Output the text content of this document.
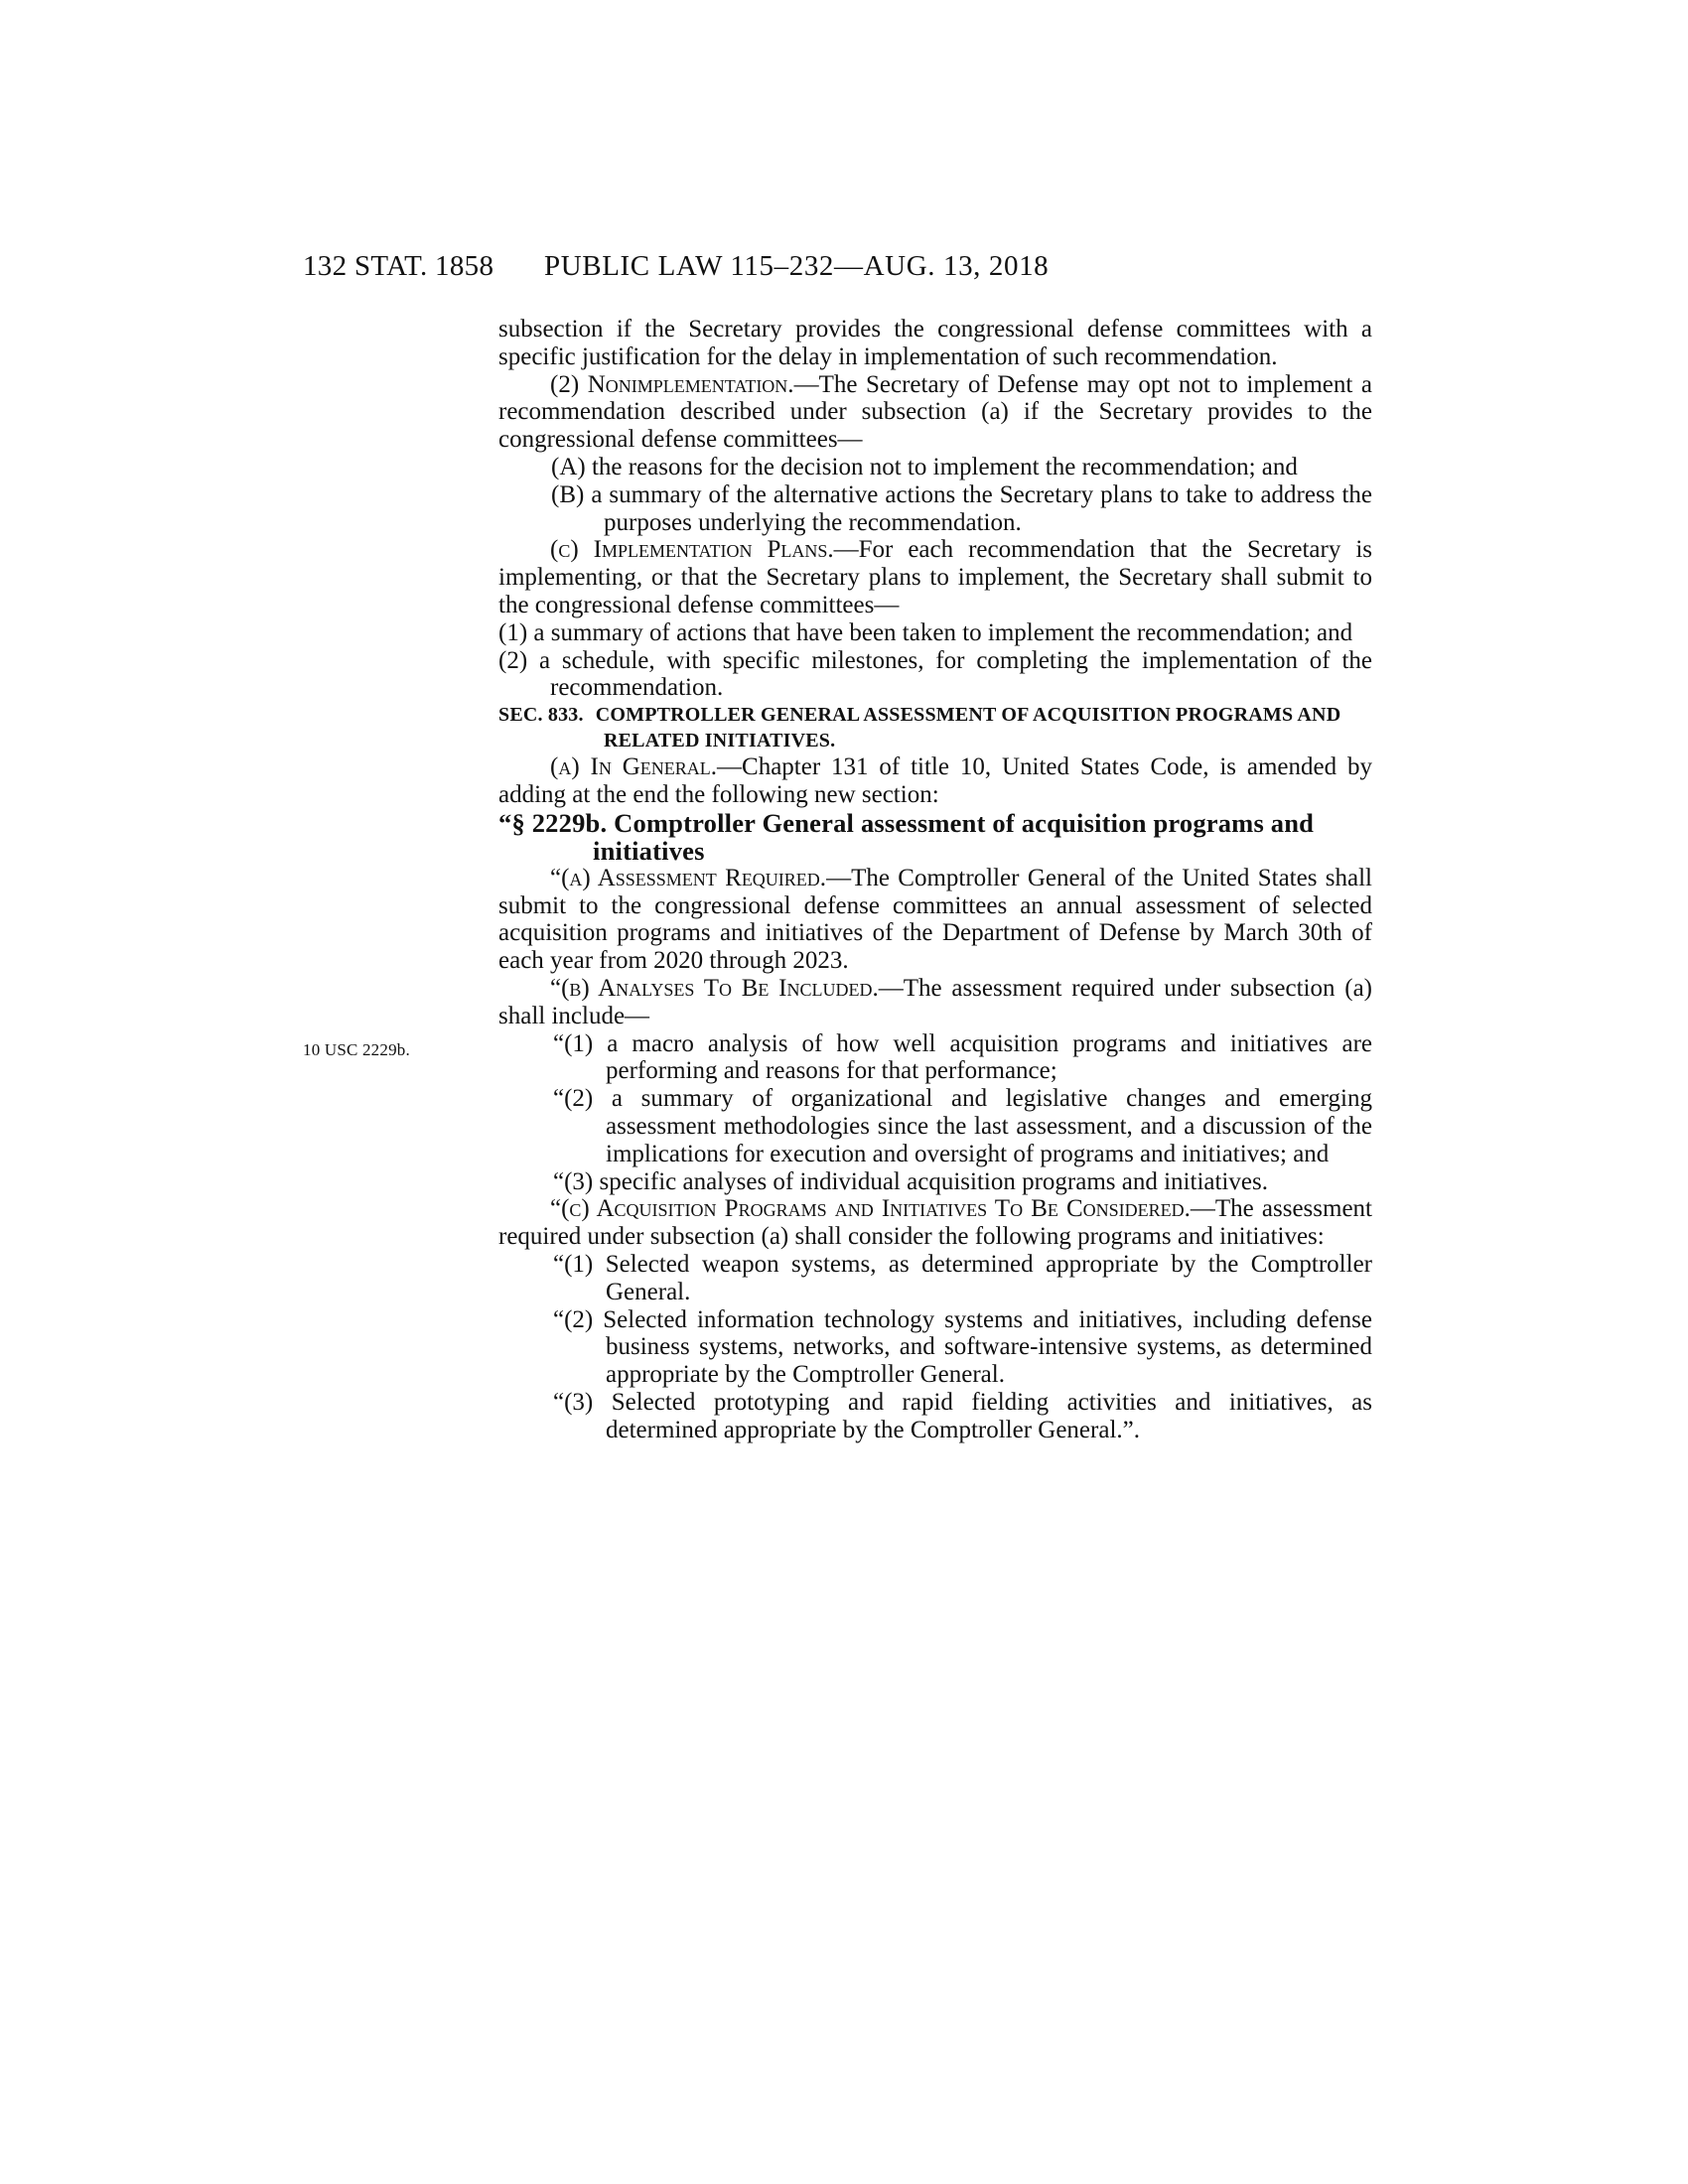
132 STAT. 1858 PUBLIC LAW 115–232—AUG. 13, 2018
10 USC 2229b.

subsection if the Secretary provides the congressional defense committees with a specific justification for the delay in implementation of such recommendation.

(2) Nonimplementation.—The Secretary of Defense may opt not to implement a recommendation described under subsection (a) if the Secretary provides to the congressional defense committees—

(A) the reasons for the decision not to implement the recommendation; and

(B) a summary of the alternative actions the Secretary plans to take to address the purposes underlying the recommendation.

(c) Implementation Plans.—For each recommendation that the Secretary is implementing, or that the Secretary plans to implement, the Secretary shall submit to the congressional defense committees—

(1) a summary of actions that have been taken to implement the recommendation; and

(2) a schedule, with specific milestones, for completing the implementation of the recommendation.

SEC. 833. COMPTROLLER GENERAL ASSESSMENT OF ACQUISITION PROGRAMS AND RELATED INITIATIVES.

(a) In General.—Chapter 131 of title 10, United States Code, is amended by adding at the end the following new section:

“§ 2229b. Comptroller General assessment of acquisition programs and initiatives

“(a) Assessment Required.—The Comptroller General of the United States shall submit to the congressional defense committees an annual assessment of selected acquisition programs and initiatives of the Department of Defense by March 30th of each year from 2020 through 2023.

“(b) Analyses To Be Included.—The assessment required under subsection (a) shall include—

“(1) a macro analysis of how well acquisition programs and initiatives are performing and reasons for that performance;

“(2) a summary of organizational and legislative changes and emerging assessment methodologies since the last assessment, and a discussion of the implications for execution and oversight of programs and initiatives; and

“(3) specific analyses of individual acquisition programs and initiatives.

“(c) Acquisition Programs and Initiatives To Be Considered.—The assessment required under subsection (a) shall consider the following programs and initiatives:

“(1) Selected weapon systems, as determined appropriate by the Comptroller General.

“(2) Selected information technology systems and initiatives, including defense business systems, networks, and software-intensive systems, as determined appropriate by the Comptroller General.

“(3) Selected prototyping and rapid fielding activities and initiatives, as determined appropriate by the Comptroller General.”.
